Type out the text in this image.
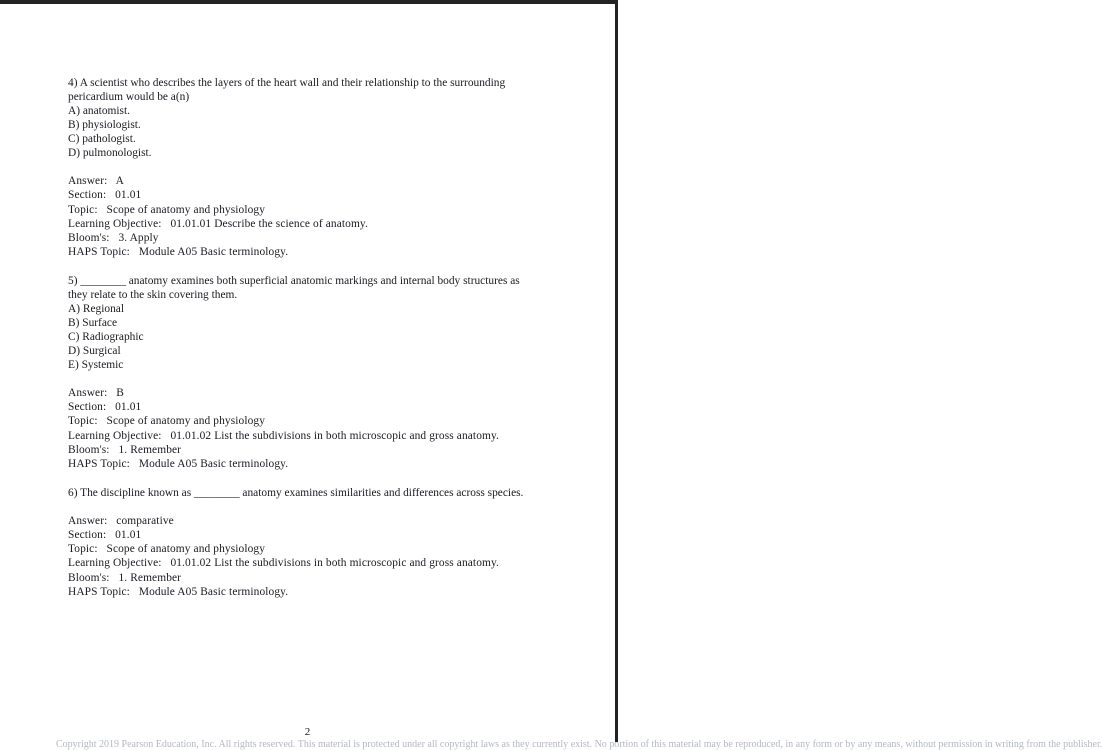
4) A scientist who describes the layers of the heart wall and their relationship to the surrounding pericardium would be a(n)

A) anatomist.

B) physiologist.

C) pathologist.

D) pulmonologist.

Answer:   A

Section:   01.01

Topic:   Scope of anatomy and physiology

Learning Objective:   01.01.01 Describe the science of anatomy.

Bloom's:   3. Apply

HAPS Topic:   Module A05 Basic terminology.

5) ________ anatomy examines both superficial anatomic markings and internal body structures as they relate to the skin covering them.

A) Regional

B) Surface

C) Radiographic

D) Surgical

E) Systemic

Answer:   B

Section:   01.01

Topic:   Scope of anatomy and physiology

Learning Objective:   01.01.02 List the subdivisions in both microscopic and gross anatomy.

Bloom's:   1. Remember

HAPS Topic:   Module A05 Basic terminology.

6) The discipline known as ________ anatomy examines similarities and differences across species.

Answer:   comparative

Section:   01.01

Topic:   Scope of anatomy and physiology

Learning Objective:   01.01.02 List the subdivisions in both microscopic and gross anatomy.

Bloom's:   1. Remember

HAPS Topic:   Module A05 Basic terminology.

2
Copyright 2019 Pearson Education, Inc. All rights reserved. This material is protected under all copyright laws as they currently exist. No portion of this material may be reproduced, in any form or by any means, without permission in writing from the publisher.
